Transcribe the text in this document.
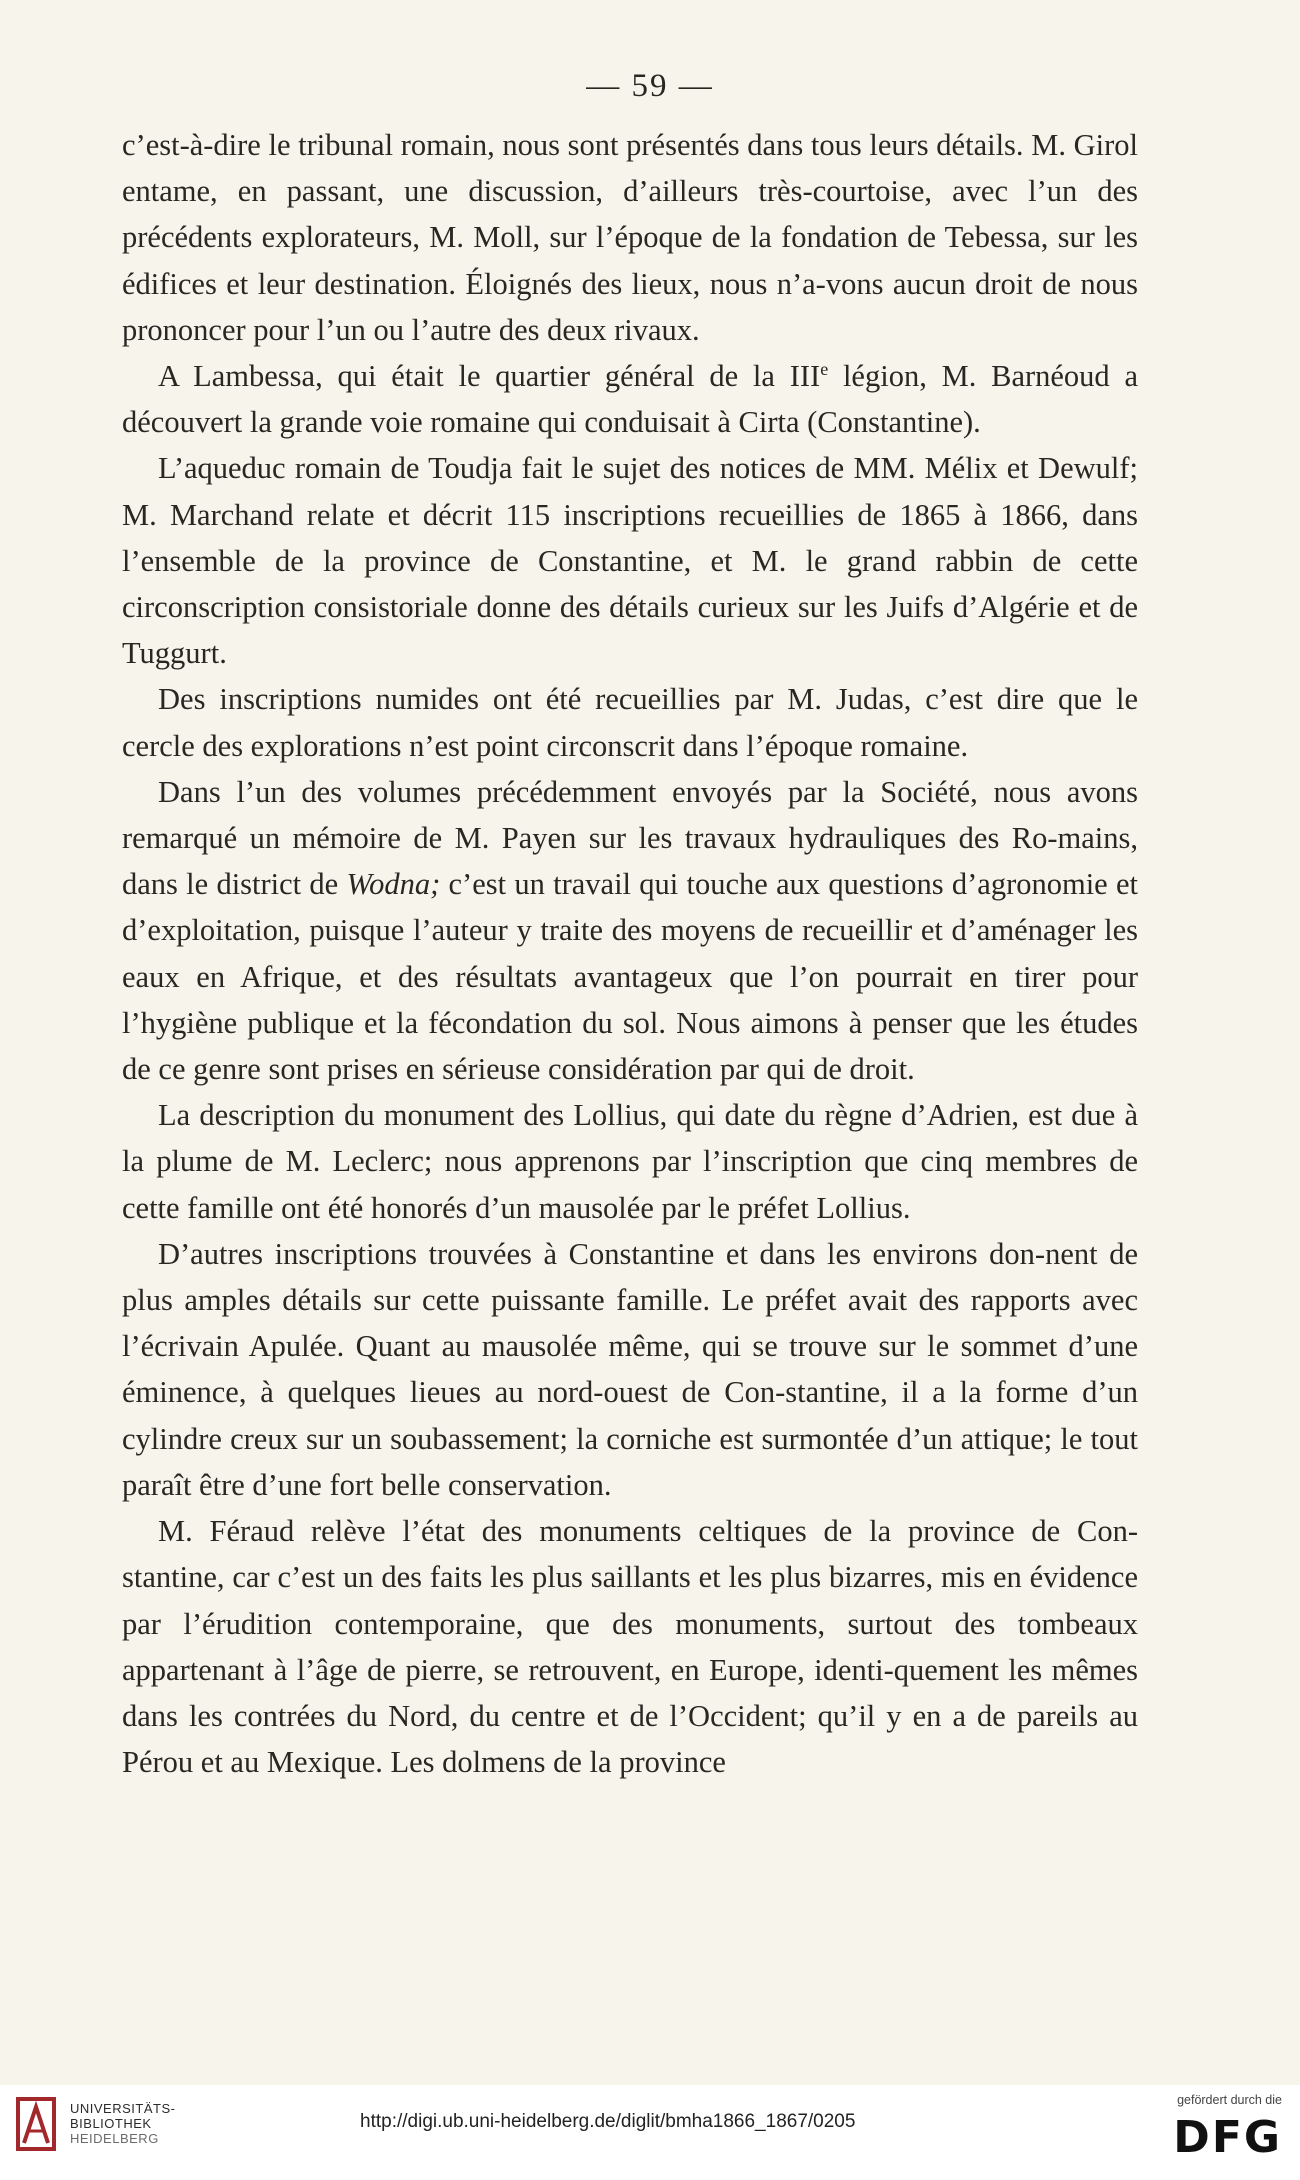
— 59 —

c’est-à-dire le tribunal romain, nous sont présentés dans tous leurs détails. M. Girol entame, en passant, une discussion, d’ailleurs très-courtoise, avec l’un des précédents explorateurs, M. Moll, sur l’époque de la fondation de Tebessa, sur les édifices et leur destination. Éloignés des lieux, nous n’a-vons aucun droit de nous prononcer pour l’un ou l’autre des deux rivaux.

A Lambessa, qui était le quartier général de la IIIe légion, M. Barnéoud a découvert la grande voie romaine qui conduisait à Cirta (Constantine).

L’aqueduc romain de Toudja fait le sujet des notices de MM. Mélix et Dewulf; M. Marchand relate et décrit 115 inscriptions recueillies de 1865 à 1866, dans l’ensemble de la province de Constantine, et M. le grand rabbin de cette circonscription consistoriale donne des détails curieux sur les Juifs d’Algérie et de Tuggurt.

Des inscriptions numides ont été recueillies par M. Judas, c’est dire que le cercle des explorations n’est point circonscrit dans l’époque romaine.

Dans l’un des volumes précédemment envoyés par la Société, nous avons remarqué un mémoire de M. Payen sur les travaux hydrauliques des Ro-mains, dans le district de Wodna; c’est un travail qui touche aux questions d’agronomie et d’exploitation, puisque l’auteur y traite des moyens de recueillir et d’aménager les eaux en Afrique, et des résultats avantageux que l’on pourrait en tirer pour l’hygiène publique et la fécondation du sol. Nous aimons à penser que les études de ce genre sont prises en sérieuse considération par qui de droit.

La description du monument des Lollius, qui date du règne d’Adrien, est due à la plume de M. Leclerc; nous apprenons par l’inscription que cinq membres de cette famille ont été honorés d’un mausolée par le préfet Lollius.

D’autres inscriptions trouvées à Constantine et dans les environs don-nent de plus amples détails sur cette puissante famille. Le préfet avait des rapports avec l’écrivain Apulée. Quant au mausolée même, qui se trouve sur le sommet d’une éminence, à quelques lieues au nord-ouest de Con-stantine, il a la forme d’un cylindre creux sur un soubassement; la corniche est surmontée d’un attique; le tout paraît être d’une fort belle conservation.

M. Féraud relève l’état des monuments celtiques de la province de Con-stantine, car c’est un des faits les plus saillants et les plus bizarres, mis en évidence par l’érudition contemporaine, que des monuments, surtout des tombeaux appartenant à l’âge de pierre, se retrouvent, en Europe, identi-quement les mêmes dans les contrées du Nord, du centre et de l’Occident; qu’il y en a de pareils au Pérou et au Mexique. Les dolmens de la province

UNIVERSITÄTS-
BIBLIOTHEK
HEIDELBERG
http://digi.ub.uni-heidelberg.de/diglit/bmha1866_1867/0205
gefördert durch die
DFG
